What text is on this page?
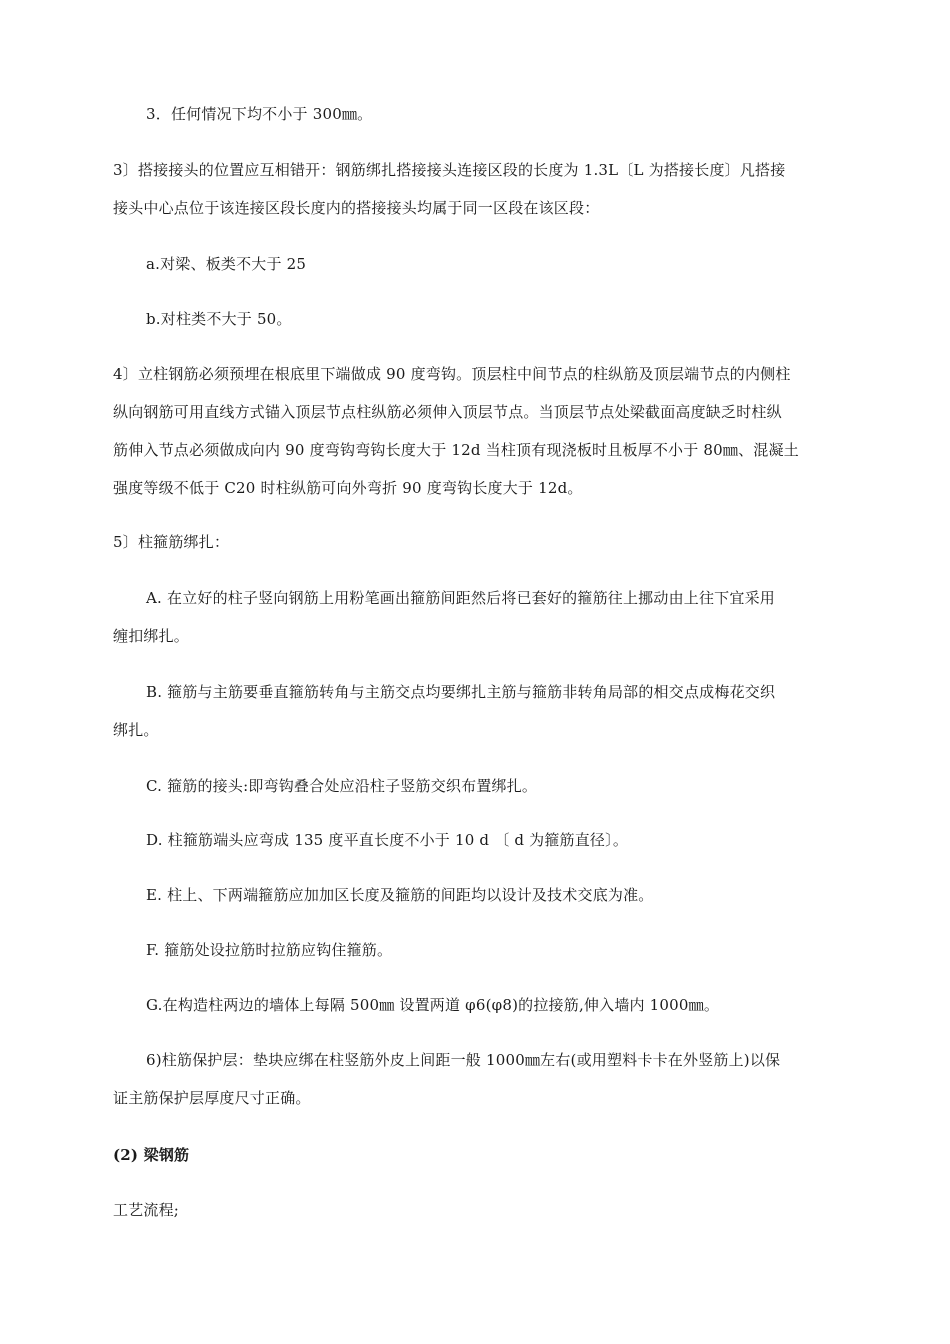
3．任何情况下均不小于 300㎜。
3〕搭接接头的位置应互相错开：钢筋绑扎搭接接头连接区段的长度为 1.3L〔L 为搭接长度〕凡搭接
接头中心点位于该连接区段长度内的搭接接头均属于同一区段在该区段：
a.对梁、板类不大于 25
b.对柱类不大于 50。
4〕立柱钢筋必须预埋在根底里下端做成 90 度弯钩。顶层柱中间节点的柱纵筋及顶层端节点的内侧柱
纵向钢筋可用直线方式锚入顶层节点柱纵筋必须伸入顶层节点。当顶层节点处梁截面高度缺乏时柱纵
筋伸入节点必须做成向内 90 度弯钩弯钩长度大于 12d 当柱顶有现浇板时且板厚不小于 80㎜、混凝土
强度等级不低于 C20 时柱纵筋可向外弯折 90 度弯钩长度大于 12d。
5〕柱箍筋绑扎：
A. 在立好的柱子竖向钢筋上用粉笔画出箍筋间距然后将已套好的箍筋往上挪动由上往下宜采用
缠扣绑扎。
B. 箍筋与主筋要垂直箍筋转角与主筋交点均要绑扎主筋与箍筋非转角局部的相交点成梅花交织
绑扎。
C. 箍筋的接头:即弯钩叠合处应沿柱子竖筋交织布置绑扎。
D. 柱箍筋端头应弯成 135 度平直长度不小于 10 d 〔 d 为箍筋直径〕。
E. 柱上、下两端箍筋应加加区长度及箍筋的间距均以设计及技术交底为准。
F. 箍筋处设拉筋时拉筋应钩住箍筋。
G.在构造柱两边的墙体上每隔 500㎜ 设置两道 φ6(φ8)的拉接筋,伸入墙内 1000㎜。
6)柱筋保护层：垫块应绑在柱竖筋外皮上间距一般 1000㎜左右(或用塑料卡卡在外竖筋上)以保
证主筋保护层厚度尺寸正确。
(2) 梁钢筋
工艺流程;
